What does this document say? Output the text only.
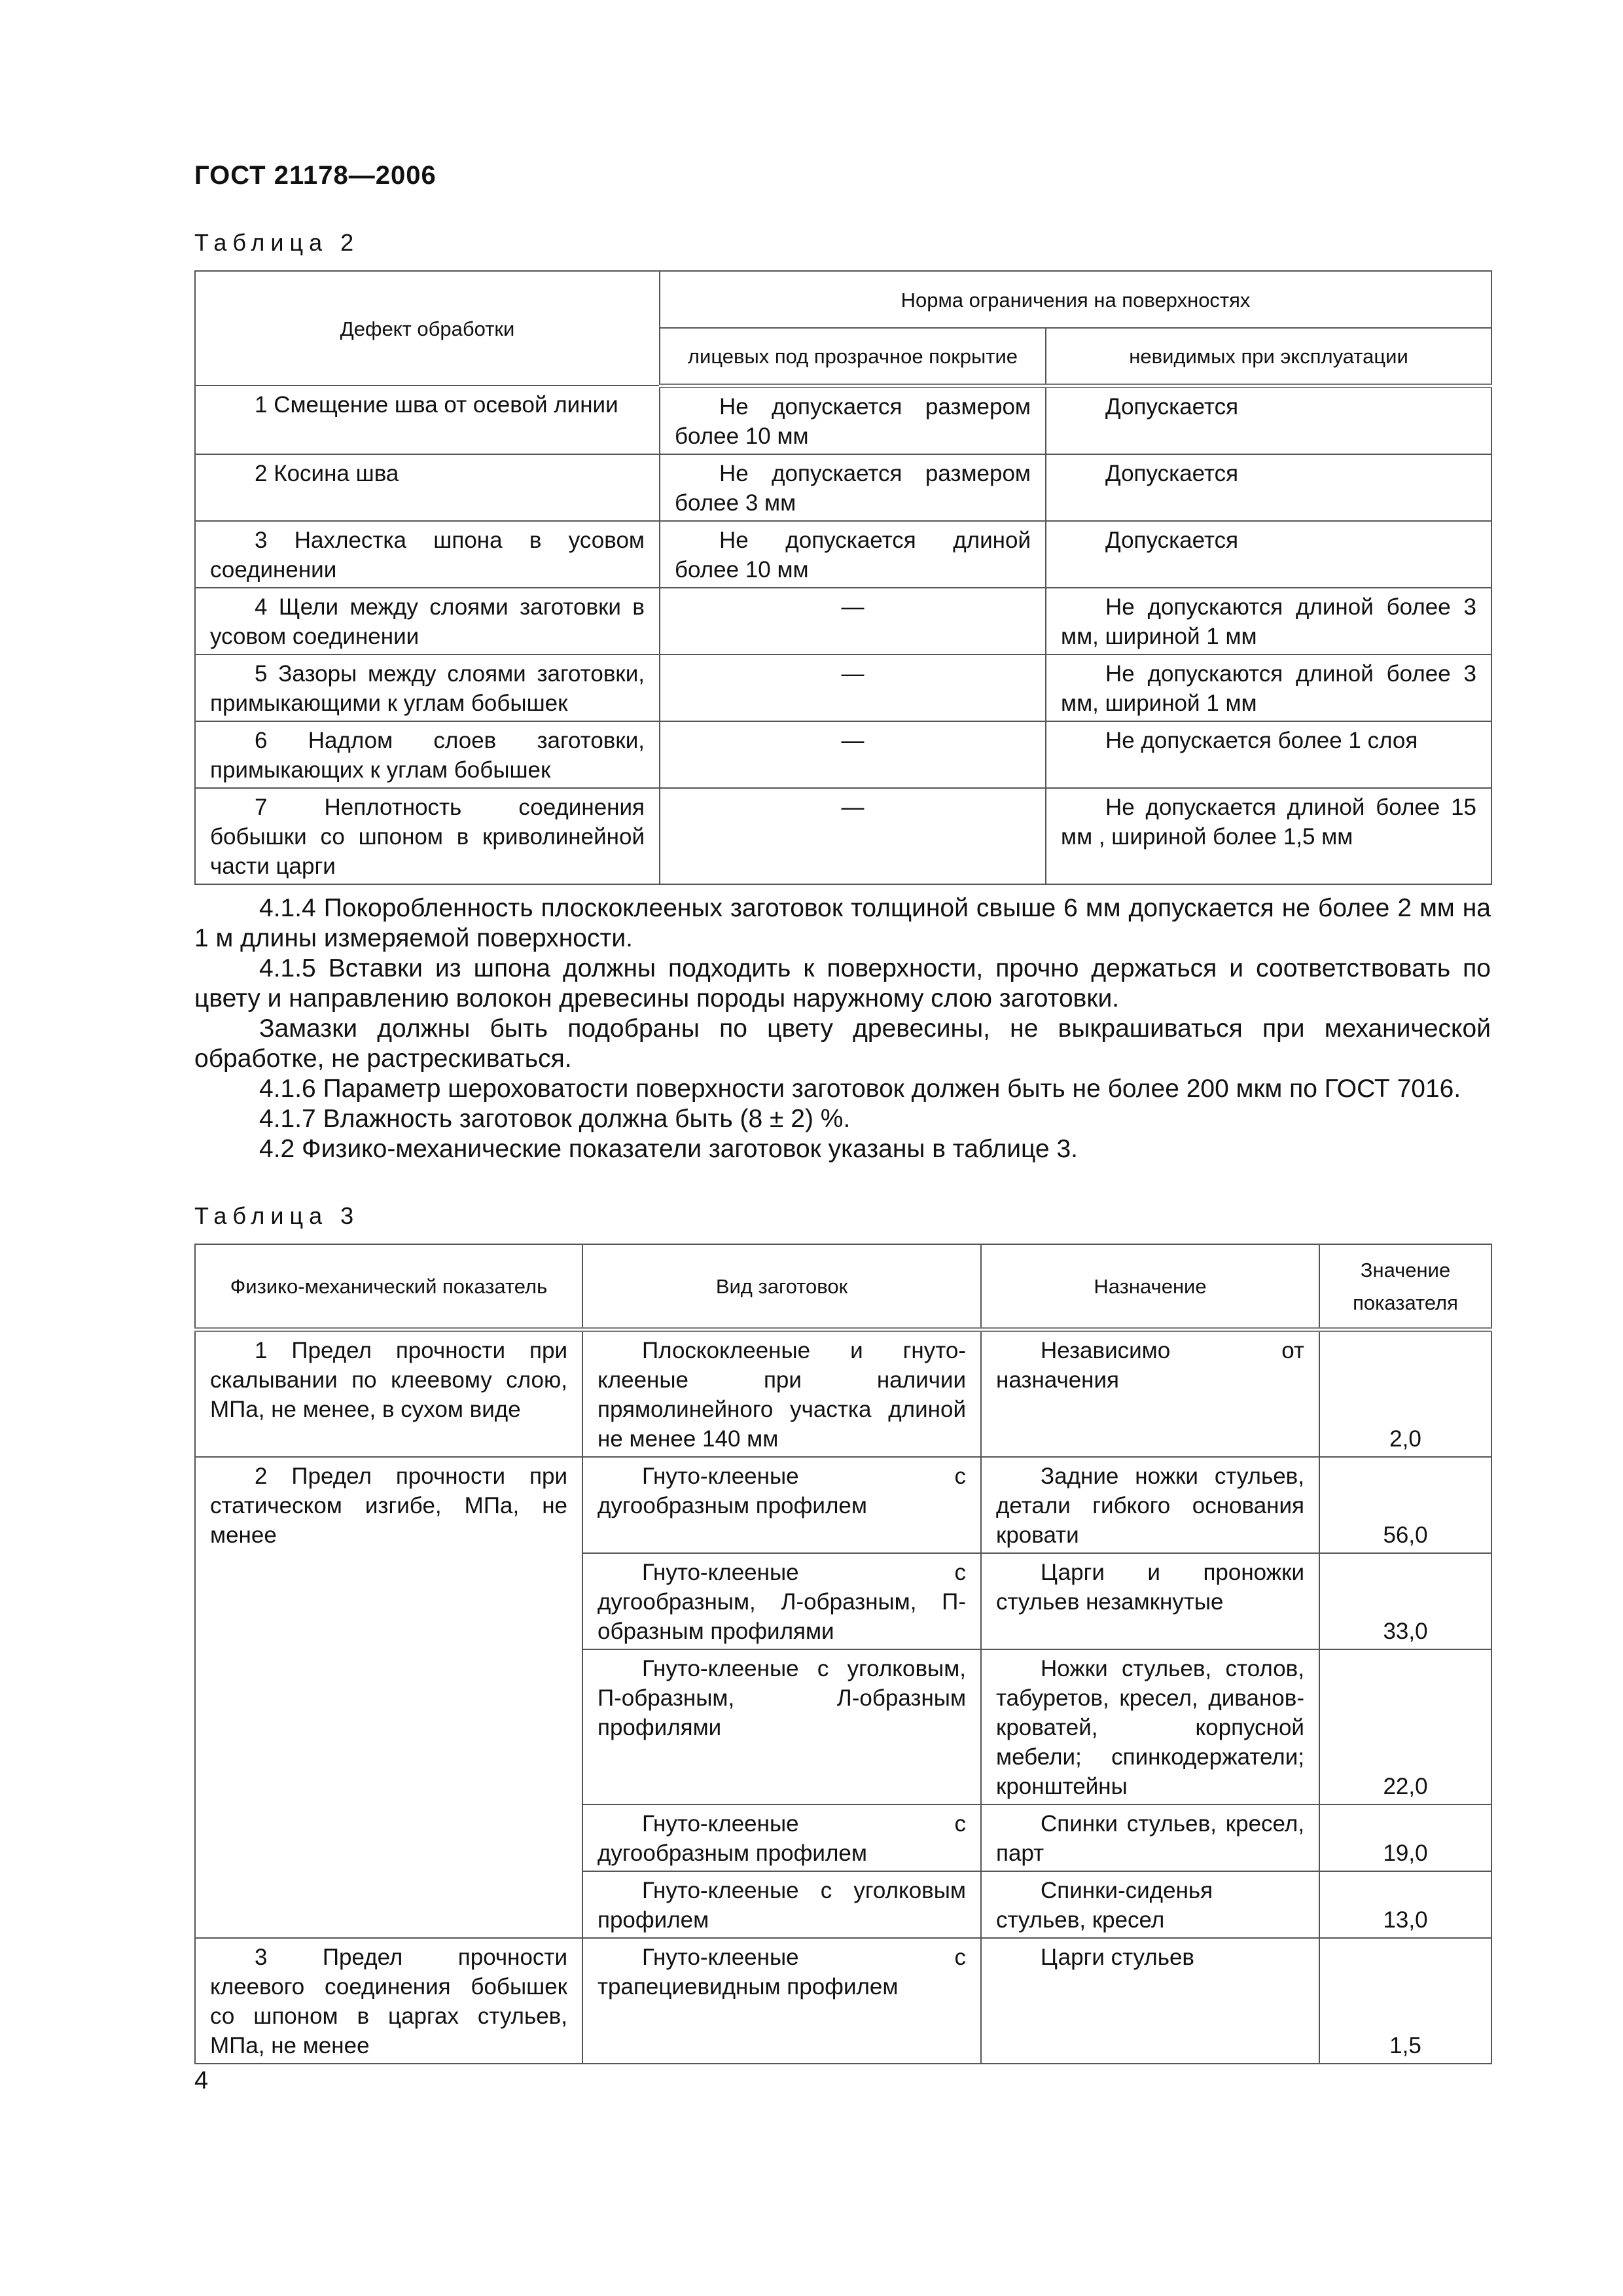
ГОСТ 21178—2006
Таблица 2
Дефект обработки	Норма ограничения на поверхностях	
	лицевых под прозрачное покрытие	невидимых при эксплуатации

1 Смещение шва от осевой линии	Не допускается размером более 10 мм	Допускается

2 Косина шва	Не допускается размером более 3 мм	Допускается

3 Нахлестка шпона в усовом соединении	Не допускается длиной более 10 мм	Допускается

4 Щели между слоями заготовки в усовом соединении	—	Не допускаются длиной более 3 мм, шириной 1 мм

5 Зазоры между слоями заготовки, примыкающими к углам бобышек	—	Не допускаются длиной более 3 мм, шириной 1 мм

6 Надлом слоев заготовки, примыкающих к углам бобышек	—	Не допускается более 1 слоя

7 Неплотность соединения бобышки со шпоном в криволинейной части царги	—	Не допускается длиной более 15 мм , шириной более 1,5 мм

4.1.4 Покоробленность плоскоклееных заготовок толщиной свыше 6 мм допускается не более 2 мм на 1 м длины измеряемой поверхности.

4.1.5 Вставки из шпона должны подходить к поверхности, прочно держаться и соответствовать по цвету и направлению волокон древесины породы наружному слою заготовки.

Замазки должны быть подобраны по цвету древесины, не выкрашиваться при механической обработке, не растрескиваться.

4.1.6 Параметр шероховатости поверхности заготовок должен быть не более 200 мкм по ГОСТ 7016.

4.1.7 Влажность заготовок должна быть (8 ± 2) %.

4.2 Физико-механические показатели заготовок указаны в таблице 3.

Таблица 3
Физико-механический показатель	Вид заготовок	Назначение	Значение показателя

1 Предел прочности при скалывании по клеевому слою, МПа, не менее, в сухом виде	Плоскоклееные и гнуто-клееные при наличии прямолинейного участка длиной не менее 140 мм	Независимо от назначения	2,0

2 Предел прочности при статическом изгибе, МПа, не менее	Гнуто-клееные с дугообразным профилем	Задние ножки стульев, детали гибкого основания кровати	56,0

	Гнуто-клееные с дугообразным, Л-образным, П-образным профилями	Царги и проножки стульев незамкнутые	33,0

	Гнуто-клееные с уголковым, П-образным, Л-образным профилями	Ножки стульев, столов, табуретов, кресел, диванов-кроватей, корпусной мебели; спинкодержатели; кронштейны	22,0

	Гнуто-клееные с дугообразным профилем	Спинки стульев, кресел, парт	19,0

	Гнуто-клееные с уголковым профилем	Спинки-сиденья стульев, кресел	13,0

3 Предел прочности клеевого соединения бобышек со шпоном в царгах стульев, МПа, не менее	Гнуто-клееные с трапециевидным профилем	Царги стульев	1,5
4
